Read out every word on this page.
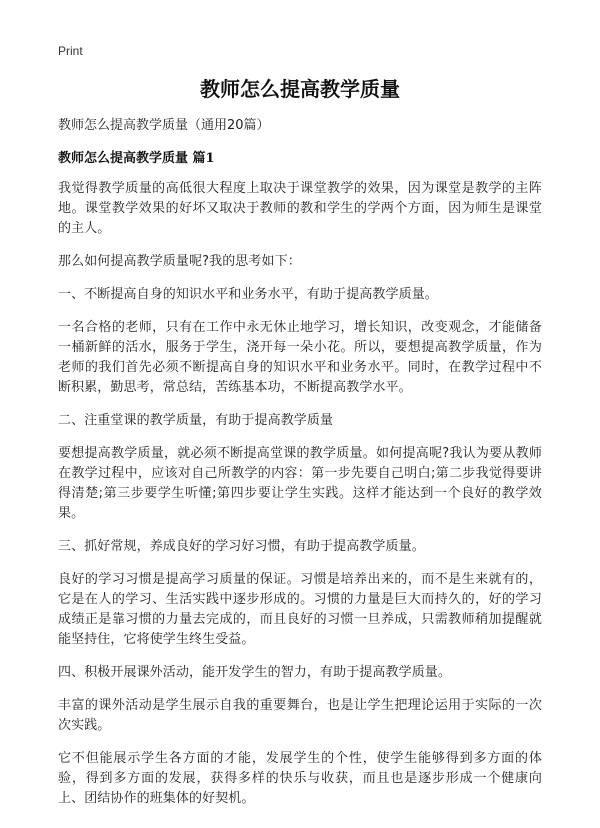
Print
教师怎么提高教学质量

教师怎么提高教学质量（通用20篇）

教师怎么提高教学质量 篇1

我觉得教学质量的高低很大程度上取决于课堂教学的效果，因为课堂是教学的主阵地。课堂教学效果的好坏又取决于教师的教和学生的学两个方面，因为师生是课堂的主人。

那么如何提高教学质量呢?我的思考如下：

一、不断提高自身的知识水平和业务水平，有助于提高教学质量。

一名合格的老师，只有在工作中永无休止地学习，增长知识，改变观念，才能储备一桶新鲜的活水，服务于学生，浇开每一朵小花。所以，要想提高教学质量，作为老师的我们首先必须不断提高自身的知识水平和业务水平。同时，在教学过程中不断积累，勤思考，常总结，苦练基本功，不断提高教学水平。

二、注重堂课的教学质量，有助于提高教学质量

要想提高教学质量，就必须不断提高堂课的教学质量。如何提高呢?我认为要从教师在教学过程中，应该对自己所教学的内容：第一步先要自己明白;第二步我觉得要讲得清楚;第三步要学生听懂;第四步要让学生实践。这样才能达到一个良好的教学效果。

三、抓好常规，养成良好的学习好习惯，有助于提高教学质量。

良好的学习习惯是提高学习质量的保证。习惯是培养出来的，而不是生来就有的，它是在人的学习、生活实践中逐步形成的。习惯的力量是巨大而持久的，好的学习成绩正是靠习惯的力量去完成的，而且良好的习惯一旦养成，只需教师稍加提醒就能坚持住，它将使学生终生受益。

四、积极开展课外活动，能开发学生的智力，有助于提高教学质量。

丰富的课外活动是学生展示自我的重要舞台，也是让学生把理论运用于实际的一次次实践。

它不但能展示学生各方面的才能，发展学生的个性，使学生能够得到多方面的体验，得到多方面的发展，获得多样的快乐与收获，而且也是逐步形成一个健康向上、团结协作的班集体的好契机。
